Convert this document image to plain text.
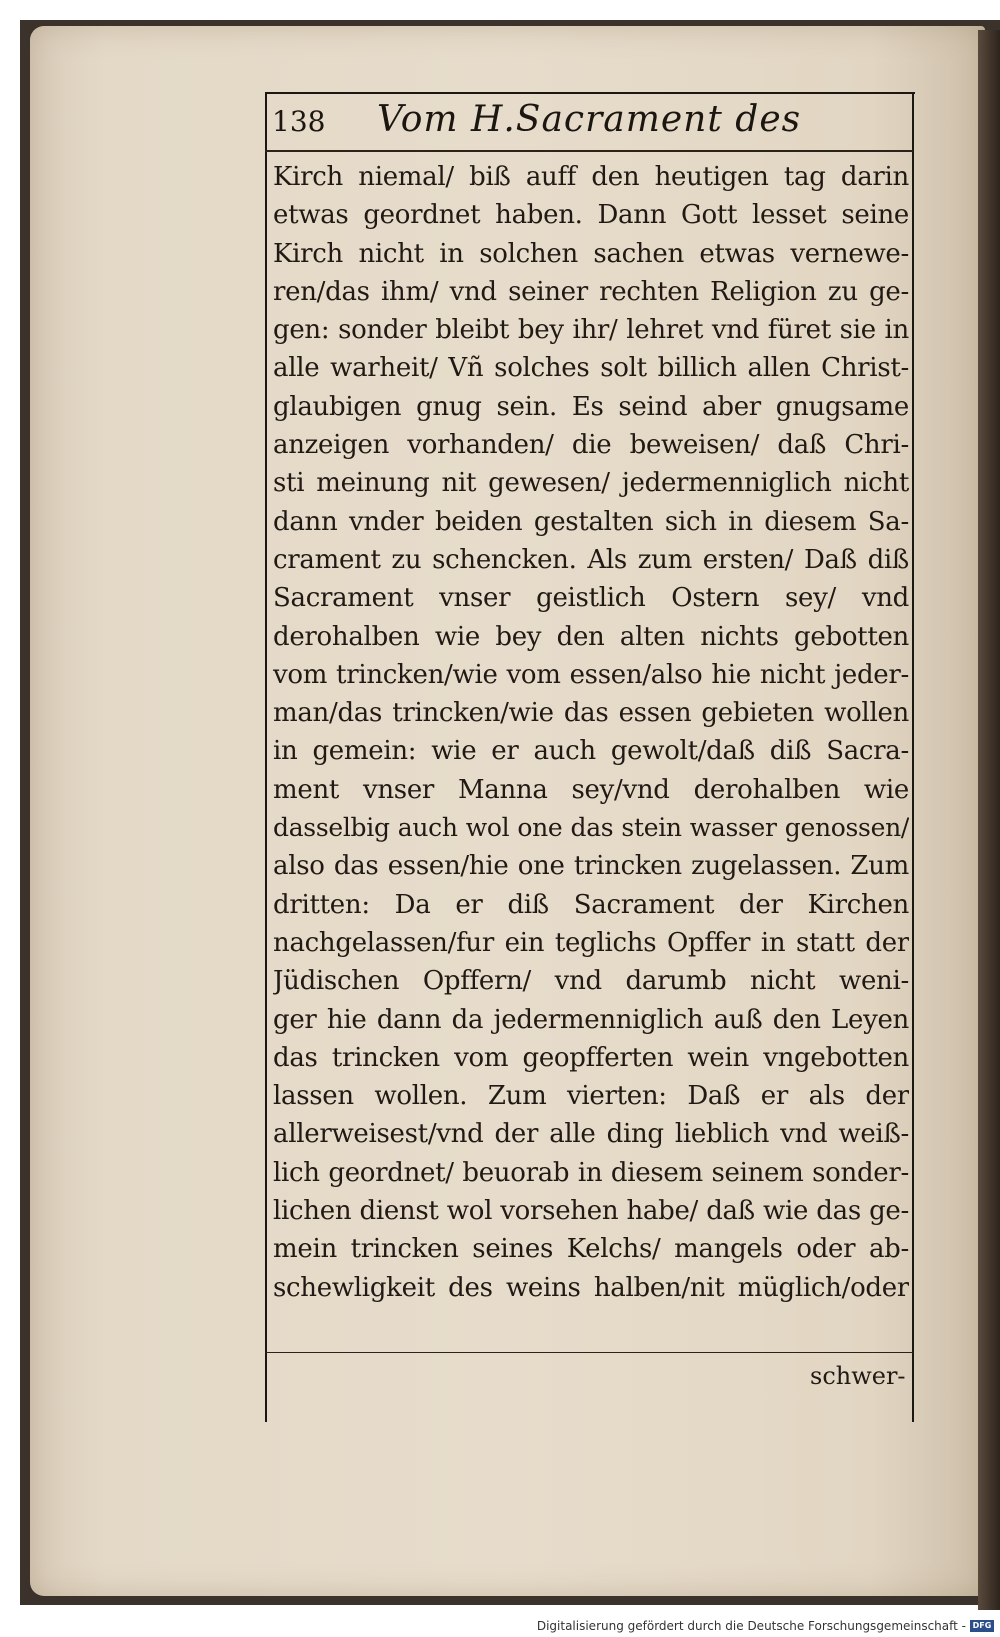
138 Vom H.Sacrament des
Kirch niemal/ biß auff den heutigen tag darin
etwas geordnet haben. Dann Gott lesset seine
Kirch nicht in solchen sachen etwas vernewe-
ren/das ihm/ vnd seiner rechten Religion zu ge-
gen: sonder bleibt bey ihr/ lehret vnd füret sie in
alle warheit/ Vñ solches solt billich allen Christ-
glaubigen gnug sein. Es seind aber gnugsame
anzeigen vorhanden/ die beweisen/ daß Chri-
sti meinung nit gewesen/ jedermenniglich nicht
dann vnder beiden gestalten sich in diesem Sa-
crament zu schencken. Als zum ersten/ Daß diß
Sacrament vnser geistlich Ostern sey/ vnd
derohalben wie bey den alten nichts gebotten
vom trincken/wie vom essen/also hie nicht jeder-
man/das trincken/wie das essen gebieten wollen
in gemein: wie er auch gewolt/daß diß Sacra-
ment vnser Manna sey/vnd derohalben wie
dasselbig auch wol one das stein wasser genossen/
also das essen/hie one trincken zugelassen. Zum
dritten: Da er diß Sacrament der Kirchen
nachgelassen/fur ein teglichs Opffer in statt der
Jüdischen Opffern/ vnd darumb nicht weni-
ger hie dann da jedermenniglich auß den Leyen
das trincken vom geopfferten wein vngebotten
lassen wollen. Zum vierten: Daß er als der
allerweisest/vnd der alle ding lieblich vnd weiß-
lich geordnet/ beuorab in diesem seinem sonder-
lichen dienst wol vorsehen habe/ daß wie das ge-
mein trincken seines Kelchs/ mangels oder ab-
schewligkeit des weins halben/nit müglich/oder
schwer-
Digitalisierung gefördert durch die Deutsche Forschungsgemeinschaft - DFG
